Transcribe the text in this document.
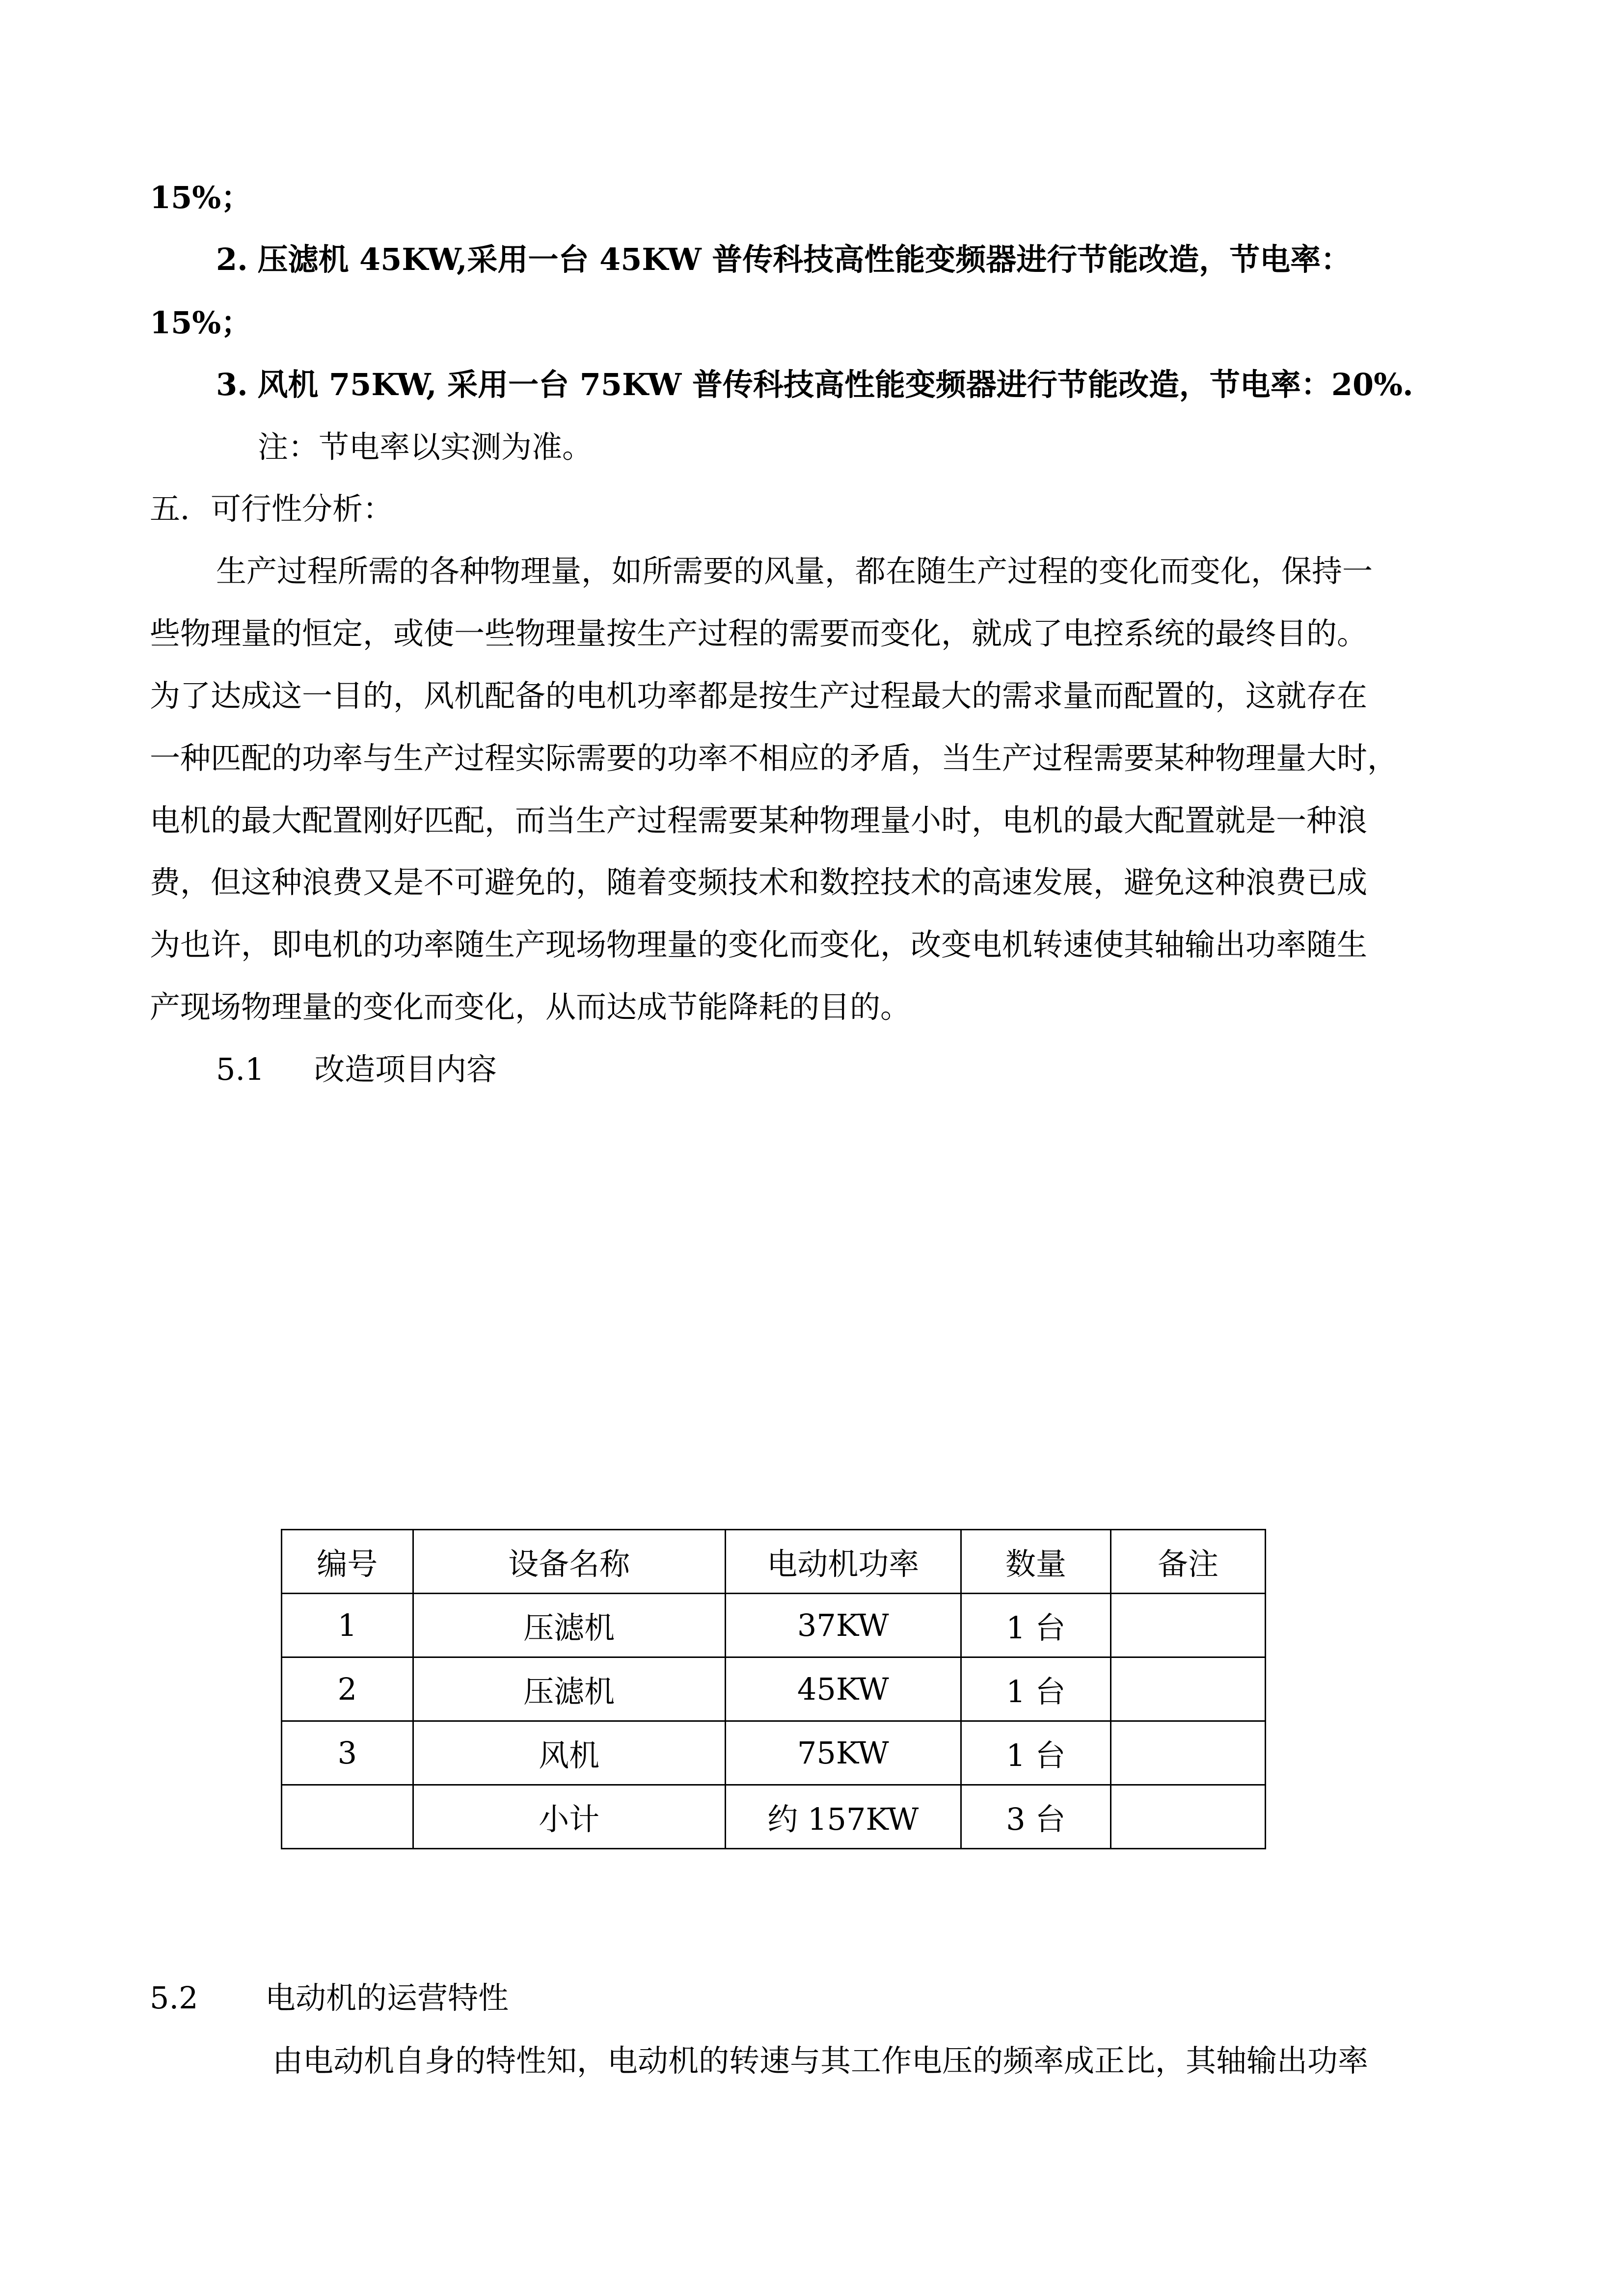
15%；

2. 压滤机 45KW,采用一台 45KW 普传科技高性能变频器进行节能改造，节电率：

15%；

3. 风机 75KW, 采用一台 75KW 普传科技高性能变频器进行节能改造，节电率：20%.

注：节电率以实测为准。

五．可行性分析：

生产过程所需的各种物理量，如所需要的风量，都在随生产过程的变化而变化，保持一

些物理量的恒定，或使一些物理量按生产过程的需要而变化，就成了电控系统的最终目的。

为了达成这一目的，风机配备的电机功率都是按生产过程最大的需求量而配置的，这就存在

一种匹配的功率与生产过程实际需要的功率不相应的矛盾，当生产过程需要某种物理量大时，

电机的最大配置刚好匹配，而当生产过程需要某种物理量小时，电机的最大配置就是一种浪

费，但这种浪费又是不可避免的，随着变频技术和数控技术的高速发展，避免这种浪费已成

为也许，即电机的功率随生产现场物理量的变化而变化，改变电机转速使其轴输出功率随生

产现场物理量的变化而变化，从而达成节能降耗的目的。

5.1 改造项目内容

编号	设备名称	电动机功率	数量	备注
1	压滤机	37KW	1 台	
2	压滤机	45KW	1 台	
3	风机	75KW	1 台	
	小计	约 157KW	3 台	

5.2 电动机的运营特性

由电动机自身的特性知，电动机的转速与其工作电压的频率成正比，其轴输出功率
